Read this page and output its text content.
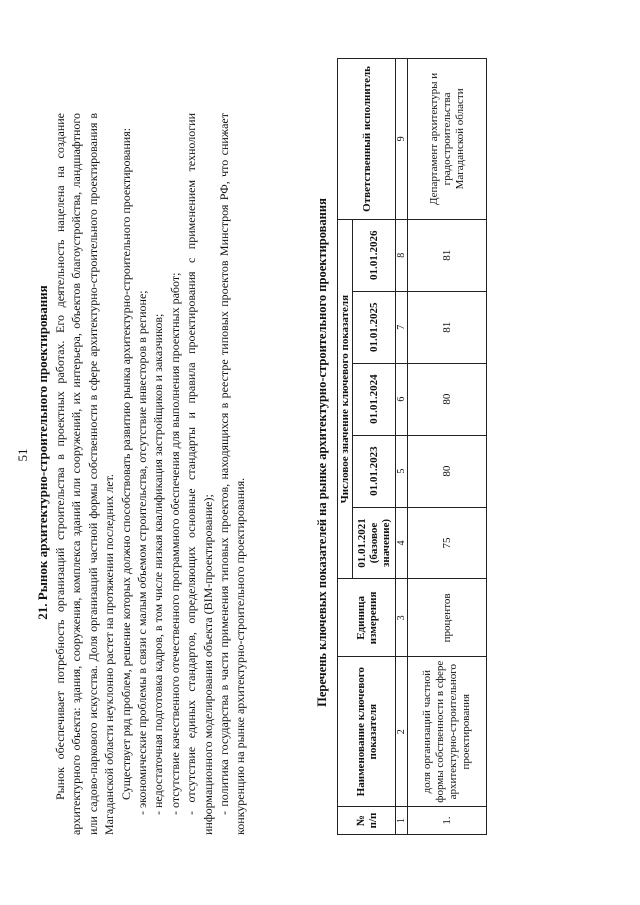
51 21. Рынок архитектурно-строительного проектирования Рынок обеспечивает потребность организаций строительства в проектных работах. Его деятельность нацелена на создание архитектурного объекта: здания, сооружения, комплекса зданий или сооружений, их интерьера, объектов благоустройства, ландшафтного или садово-паркового искусства. Доля организаций частной формы собственности в сфере архитектурно-строительного проектирования в Магаданской области неуклонно растет на протяжении последних лет. Существует ряд проблем, решение которых должно способствовать развитию рынка архитектурно-строительного проектирования: - экономические проблемы в связи с малым объемом строительства, отсутствие инвесторов в регионе; - недостаточная подготовка кадров, в том числе низкая квалификация застройщиков и заказчиков; - отсутствие качественного отечественного программного обеспечения для выполнения проектных работ; - отсутствие единых стандартов, определяющих основные стандарты и правила проектирования с применением технологии информационного моделирования объекта (BIM-проектирование); - политика государства в части применения типовых проектов, находящихся в реестре типовых проектов Минстроя РФ, что снижает конкуренцию на рынке архитектурно-строительного проектирования.	Перечень ключевых показателей на рынке архитектурно-строительного проектирования
№ п/п	Наименование ключевого показателя	Единица измерения	Числовое значение ключевого показателя					Ответственный исполнитель
			01.01.2021 (базовое значение)	01.01.2023	01.01.2024	01.01.2025	01.01.2026	
1	2	3	4	5	6	7	8	9
1.	доля организаций частной формы собственности в сфере архитектурно-строительного проектирования	процентов	75	80	80	81	81	Департамент архитектуры и градостроительства Магаданской области
